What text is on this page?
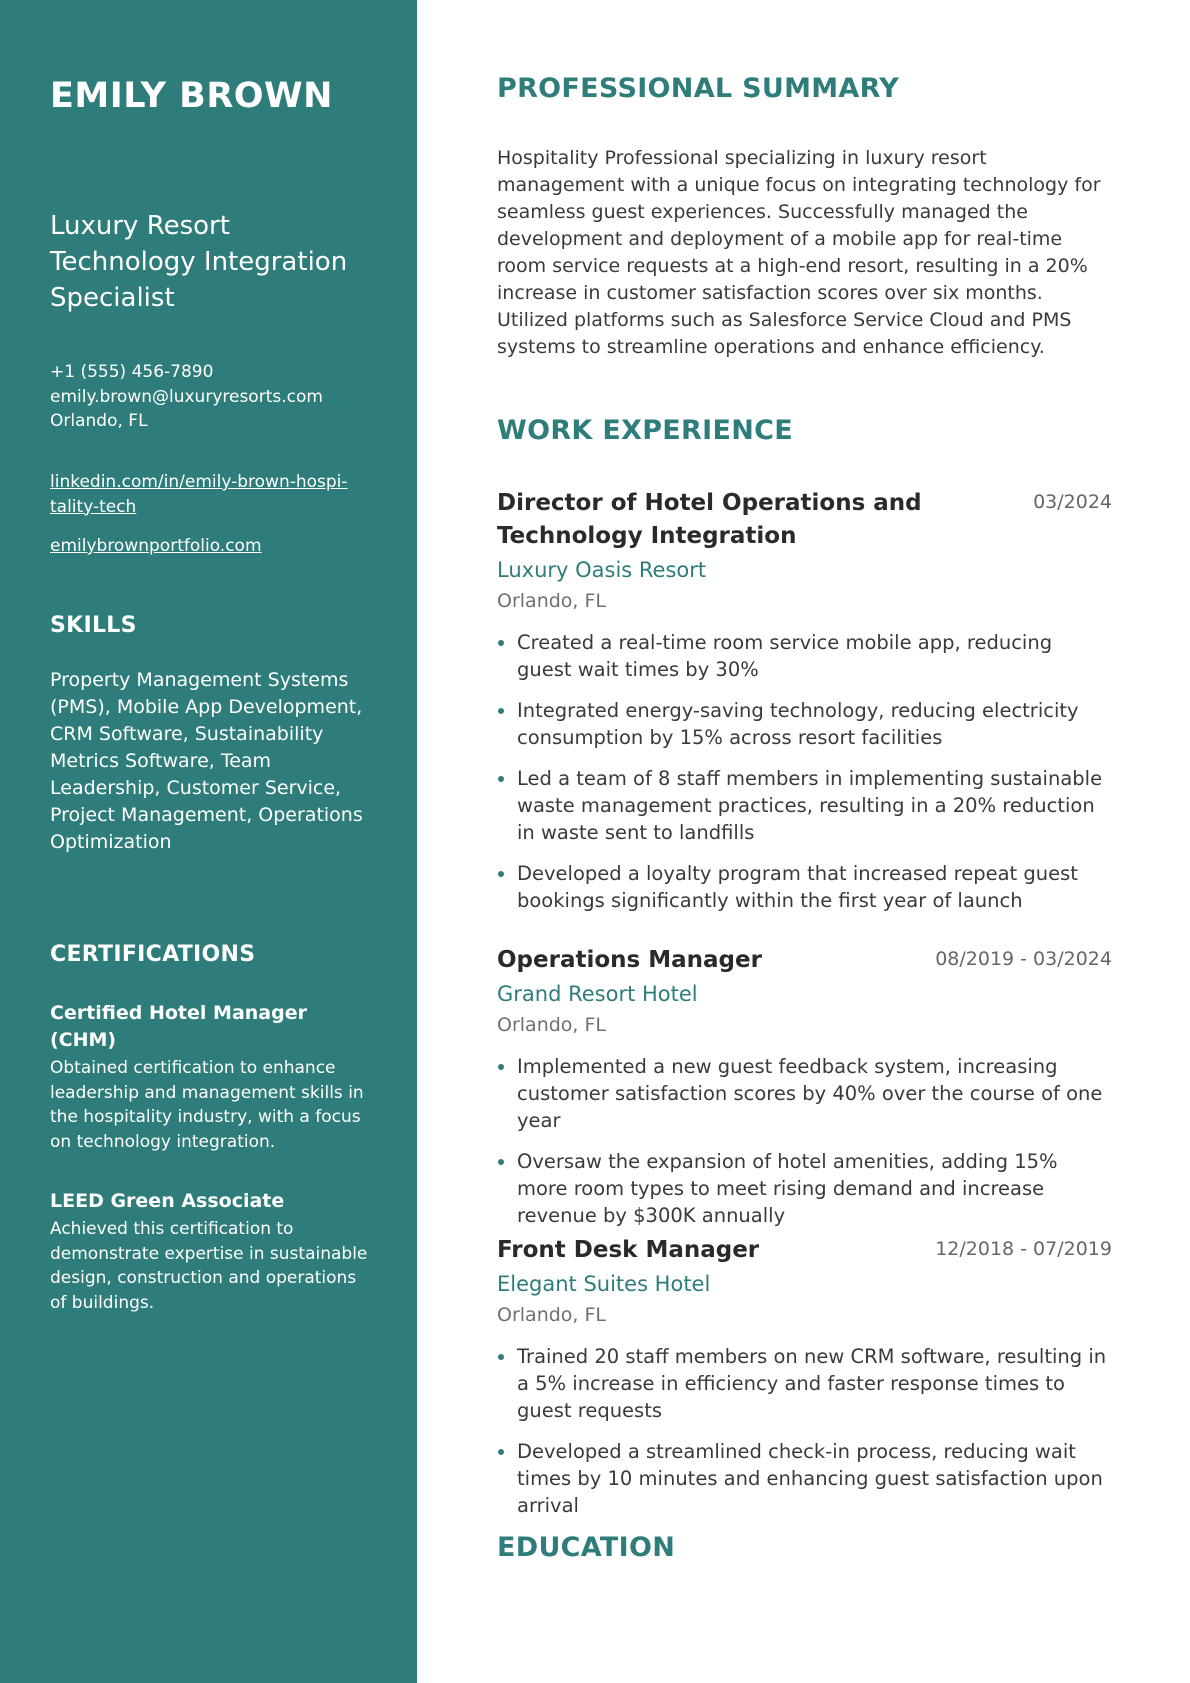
EMILY BROWN
Luxury Resort Technology Integration Specialist
+1 (555) 456-7890
emily.brown@luxuryresorts.com
Orlando, FL
linkedin.com/in/emily-brown-hospi-tality-tech
emilybrownportfolio.com
SKILLS

Property Management Systems (PMS), Mobile App Development, CRM Software, Sustainability Metrics Software, Team Leadership, Customer Service, Project Management, Operations Optimization

CERTIFICATIONS
Certified Hotel Manager (CHM)
Obtained certification to enhance leadership and management skills in the hospitality industry, with a focus on technology integration.
LEED Green Associate
Achieved this certification to demonstrate expertise in sustainable design, construction and operations of buildings.
PROFESSIONAL SUMMARY

Hospitality Professional specializing in luxury resort management with a unique focus on integrating technology for seamless guest experiences. Successfully managed the development and deployment of a mobile app for real-time room service requests at a high-end resort, resulting in a 20% increase in customer satisfaction scores over six months. Utilized platforms such as Salesforce Service Cloud and PMS systems to streamline operations and enhance efficiency.

WORK EXPERIENCE
Director of Hotel Operations and Technology Integration
03/2024
Luxury Oasis Resort
Orlando, FL
Created a real-time room service mobile app, reducing guest wait times by 30%
Integrated energy-saving technology, reducing electricity consumption by 15% across resort facilities
Led a team of 8 staff members in implementing sustainable waste management practices, resulting in a 20% reduction in waste sent to landfills
Developed a loyalty program that increased repeat guest bookings significantly within the first year of launch
Operations Manager	08/2019 - 03/2024
Grand Resort Hotel
Orlando, FL
Implemented a new guest feedback system, increasing customer satisfaction scores by 40% over the course of one year
Oversaw the expansion of hotel amenities, adding 15% more room types to meet rising demand and increase revenue by $300K annually
Front Desk Manager	12/2018 - 07/2019
Elegant Suites Hotel
Orlando, FL
Trained 20 staff members on new CRM software, resulting in a 5% increase in efficiency and faster response times to guest requests
Developed a streamlined check-in process, reducing wait times by 10 minutes and enhancing guest satisfaction upon arrival
EDUCATION
